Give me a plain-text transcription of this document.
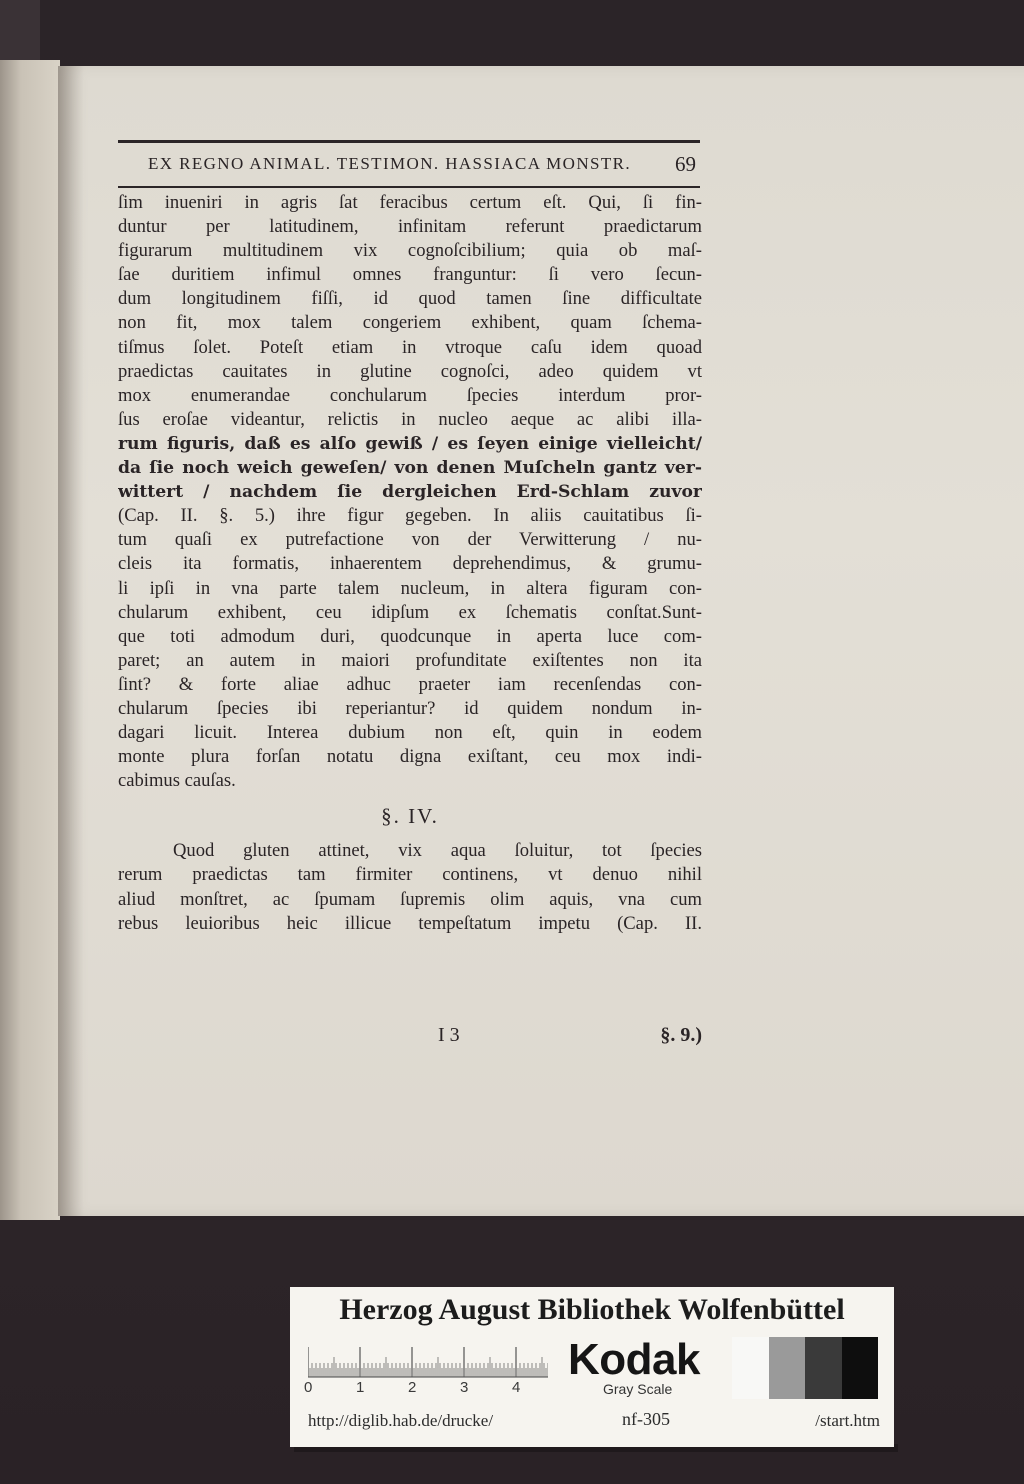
EX REGNO ANIMAL. TESTIMON. HASSIACA MONSTR. 69
ſim inueniri in agris ſat feracibus certum eſt. Qui, ſi fin-
duntur per latitudinem, infinitam referunt praedictarum
figurarum multitudinem vix cognoſcibilium; quia ob maſ-
ſae duritiem infimul omnes franguntur: ſi vero ſecun-
dum longitudinem fiſſi, id quod tamen ſine difficultate
non fit, mox talem congeriem exhibent, quam ſchema-
tiſmus ſolet. Poteſt etiam in vtroque caſu idem quoad
praedictas cauitates in glutine cognoſci, adeo quidem vt
mox enumerandae conchularum ſpecies interdum pror-
ſus eroſae videantur, relictis in nucleo aeque ac alibi illa-
rum figuris, daß es alſo gewiß / es ſeyen einige vielleicht/
da ſie noch weich geweſen/ von denen Muſcheln gantz ver-
wittert / nachdem ſie dergleichen Erd-Schlam zuvor
(Cap. II. §. 5.) ihre figur gegeben. In aliis cauitatibus ſi-
tum quaſi ex putrefactione von der Verwitterung / nu-
cleis ita formatis, inhaerentem deprehendimus, & grumu-
li ipſi in vna parte talem nucleum, in altera figuram con-
chularum exhibent, ceu idipſum ex ſchematis conſtat.Sunt-
que toti admodum duri, quodcunque in aperta luce com-
paret; an autem in maiori profunditate exiſtentes non ita
ſint? & forte aliae adhuc praeter iam recenſendas con-
chularum ſpecies ibi reperiantur? id quidem nondum in-
dagari licuit. Interea dubium non eſt, quin in eodem
monte plura forſan notatu digna exiſtant, ceu mox indi-
cabimus cauſas.
§. IV.
Quod gluten attinet, vix aqua ſoluitur, tot ſpecies
rerum praedictas tam firmiter continens, vt denuo nihil
aliud monſtret, ac ſpumam ſupremis olim aquis, vna cum
rebus leuioribus heic illicue tempeſtatum impetu (Cap. II.
I 3	§. 9.)
Herzog August Bibliothek Wolfenbüttel
0	1	2	3	4
Kodak
Gray Scale
http://diglib.hab.de/drucke/	nf-305	/start.htm
